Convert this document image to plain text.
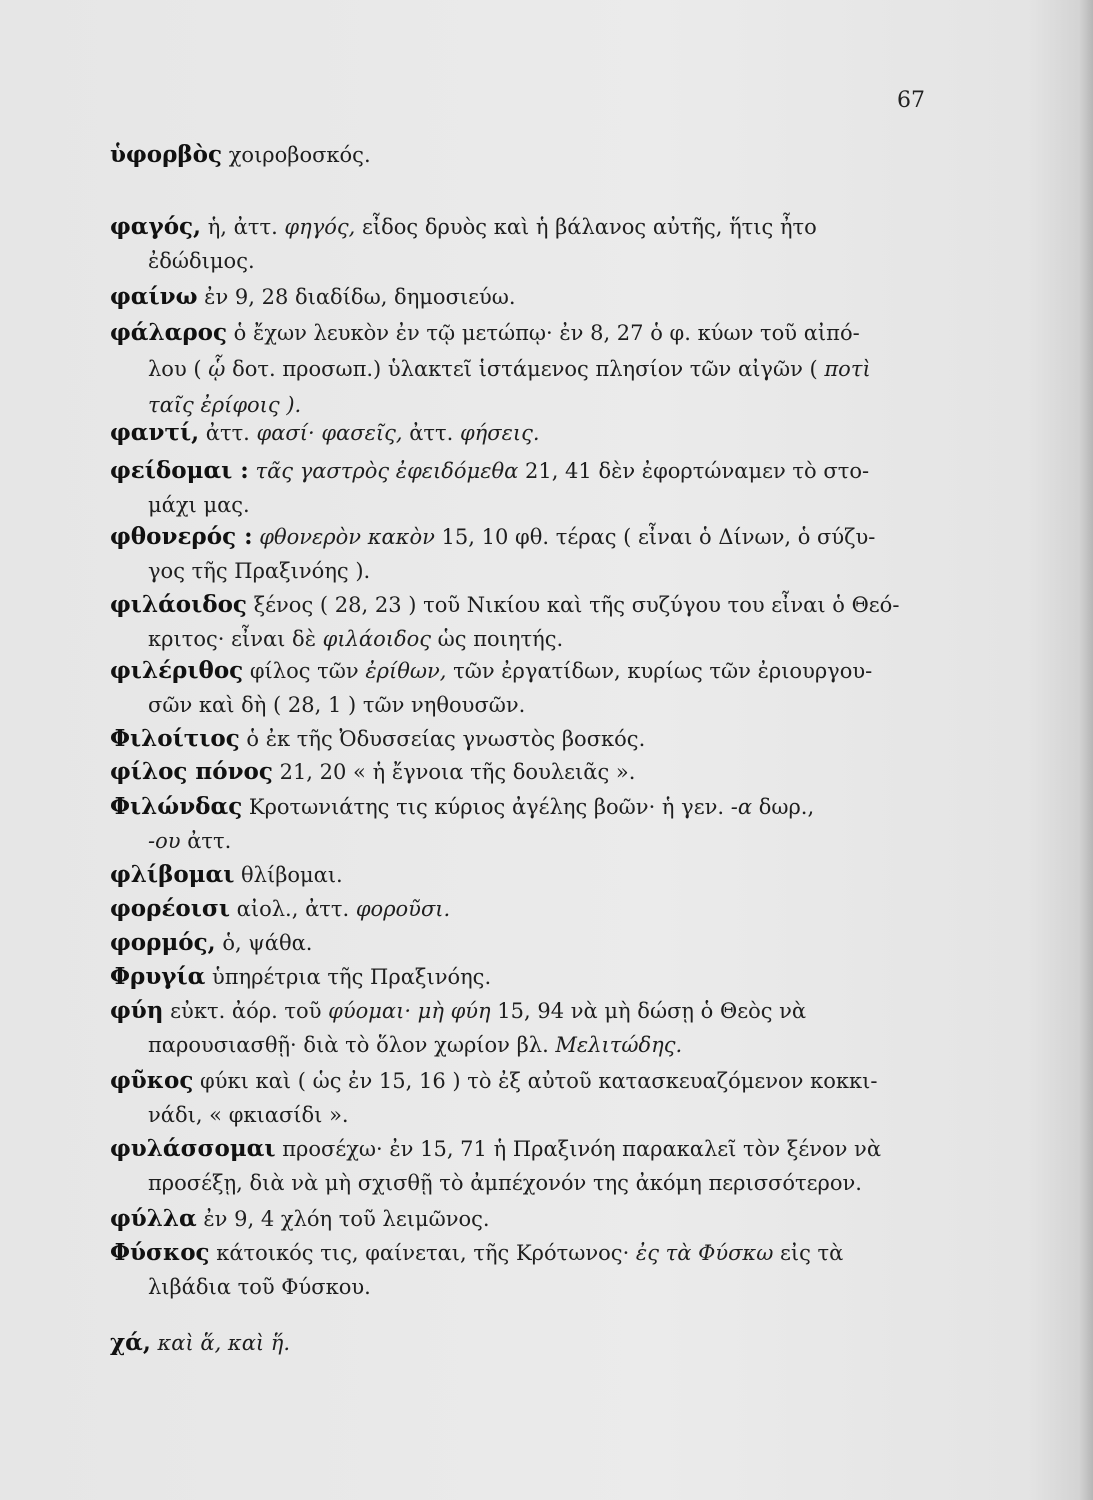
67
ὑφορβὸς χοιροβοσκός.
φαγός, ἡ, ἀττ. φηγός, εἶδος δρυὸς καὶ ἡ βάλανος αὐτῆς, ἥτις ἦτο
ἐδώδιμος.
φαίνω ἐν 9, 28 διαδίδω, δημοσιεύω.
φάλαρος ὁ ἔχων λευκὸν ἐν τῷ μετώπῳ· ἐν 8, 27 ὁ φ. κύων τοῦ αἰπό-
λου ( ᾧ δοτ. προσωπ.) ὑλακτεῖ ἱστάμενος πλησίον τῶν αἰγῶν ( ποτὶ
ταῖς ἐρίφοις ).
φαντί, ἀττ. φασί· φασεῖς, ἀττ. φήσεις.
φείδομαι : τᾶς γαστρὸς ἐφειδόμεθα 21, 41 δὲν ἐφορτώναμεν τὸ στο-
μάχι μας.
φθονερός : φθονερὸν κακὸν 15, 10 φθ. τέρας ( εἶναι ὁ Δίνων, ὁ σύζυ-
γος τῆς Πραξινόης ).
φιλάοιδος ξένος ( 28, 23 ) τοῦ Νικίου καὶ τῆς συζύγου του εἶναι ὁ Θεό-
κριτος· εἶναι δὲ φιλάοιδος ὡς ποιητής.
φιλέριθος φίλος τῶν ἐρίθων, τῶν ἐργατίδων, κυρίως τῶν ἐριουργου-
σῶν καὶ δὴ ( 28, 1 ) τῶν νηθουσῶν.
Φιλοίτιος ὁ ἐκ τῆς Ὀδυσσείας γνωστὸς βοσκός.
φίλος πόνος 21, 20 « ἡ ἔγνοια τῆς δουλειᾶς ».
Φιλώνδας Κροτωνιάτης τις κύριος ἀγέλης βοῶν· ἡ γεν. -α δωρ.,
-ου ἀττ.
φλίβομαι θλίβομαι.
φορέοισι αἰολ., ἀττ. φοροῦσι.
φορμός, ὁ, ψάθα.
Φρυγία ὑπηρέτρια τῆς Πραξινόης.
φύη εὐκτ. ἀόρ. τοῦ φύομαι· μὴ φύη 15, 94 νὰ μὴ δώσῃ ὁ Θεὸς νὰ
παρουσιασθῇ· διὰ τὸ ὅλον χωρίον βλ. Μελιτώδης.
φῦκος φύκι καὶ ( ὡς ἐν 15, 16 ) τὸ ἐξ αὐτοῦ κατασκευαζόμενον κοκκι-
νάδι, « φκιασίδι ».
φυλάσσομαι προσέχω· ἐν 15, 71 ἡ Πραξινόη παρακαλεῖ τὸν ξένον νὰ
προσέξῃ, διὰ νὰ μὴ σχισθῇ τὸ ἀμπέχονόν της ἀκόμη περισσότερον.
φύλλα ἐν 9, 4 χλόη τοῦ λειμῶνος.
Φύσκος κάτοικός τις, φαίνεται, τῆς Κρότωνος· ἐς τὰ Φύσκω εἰς τὰ
λιβάδια τοῦ Φύσκου.
χά, καὶ ἅ, καὶ ἥ.
